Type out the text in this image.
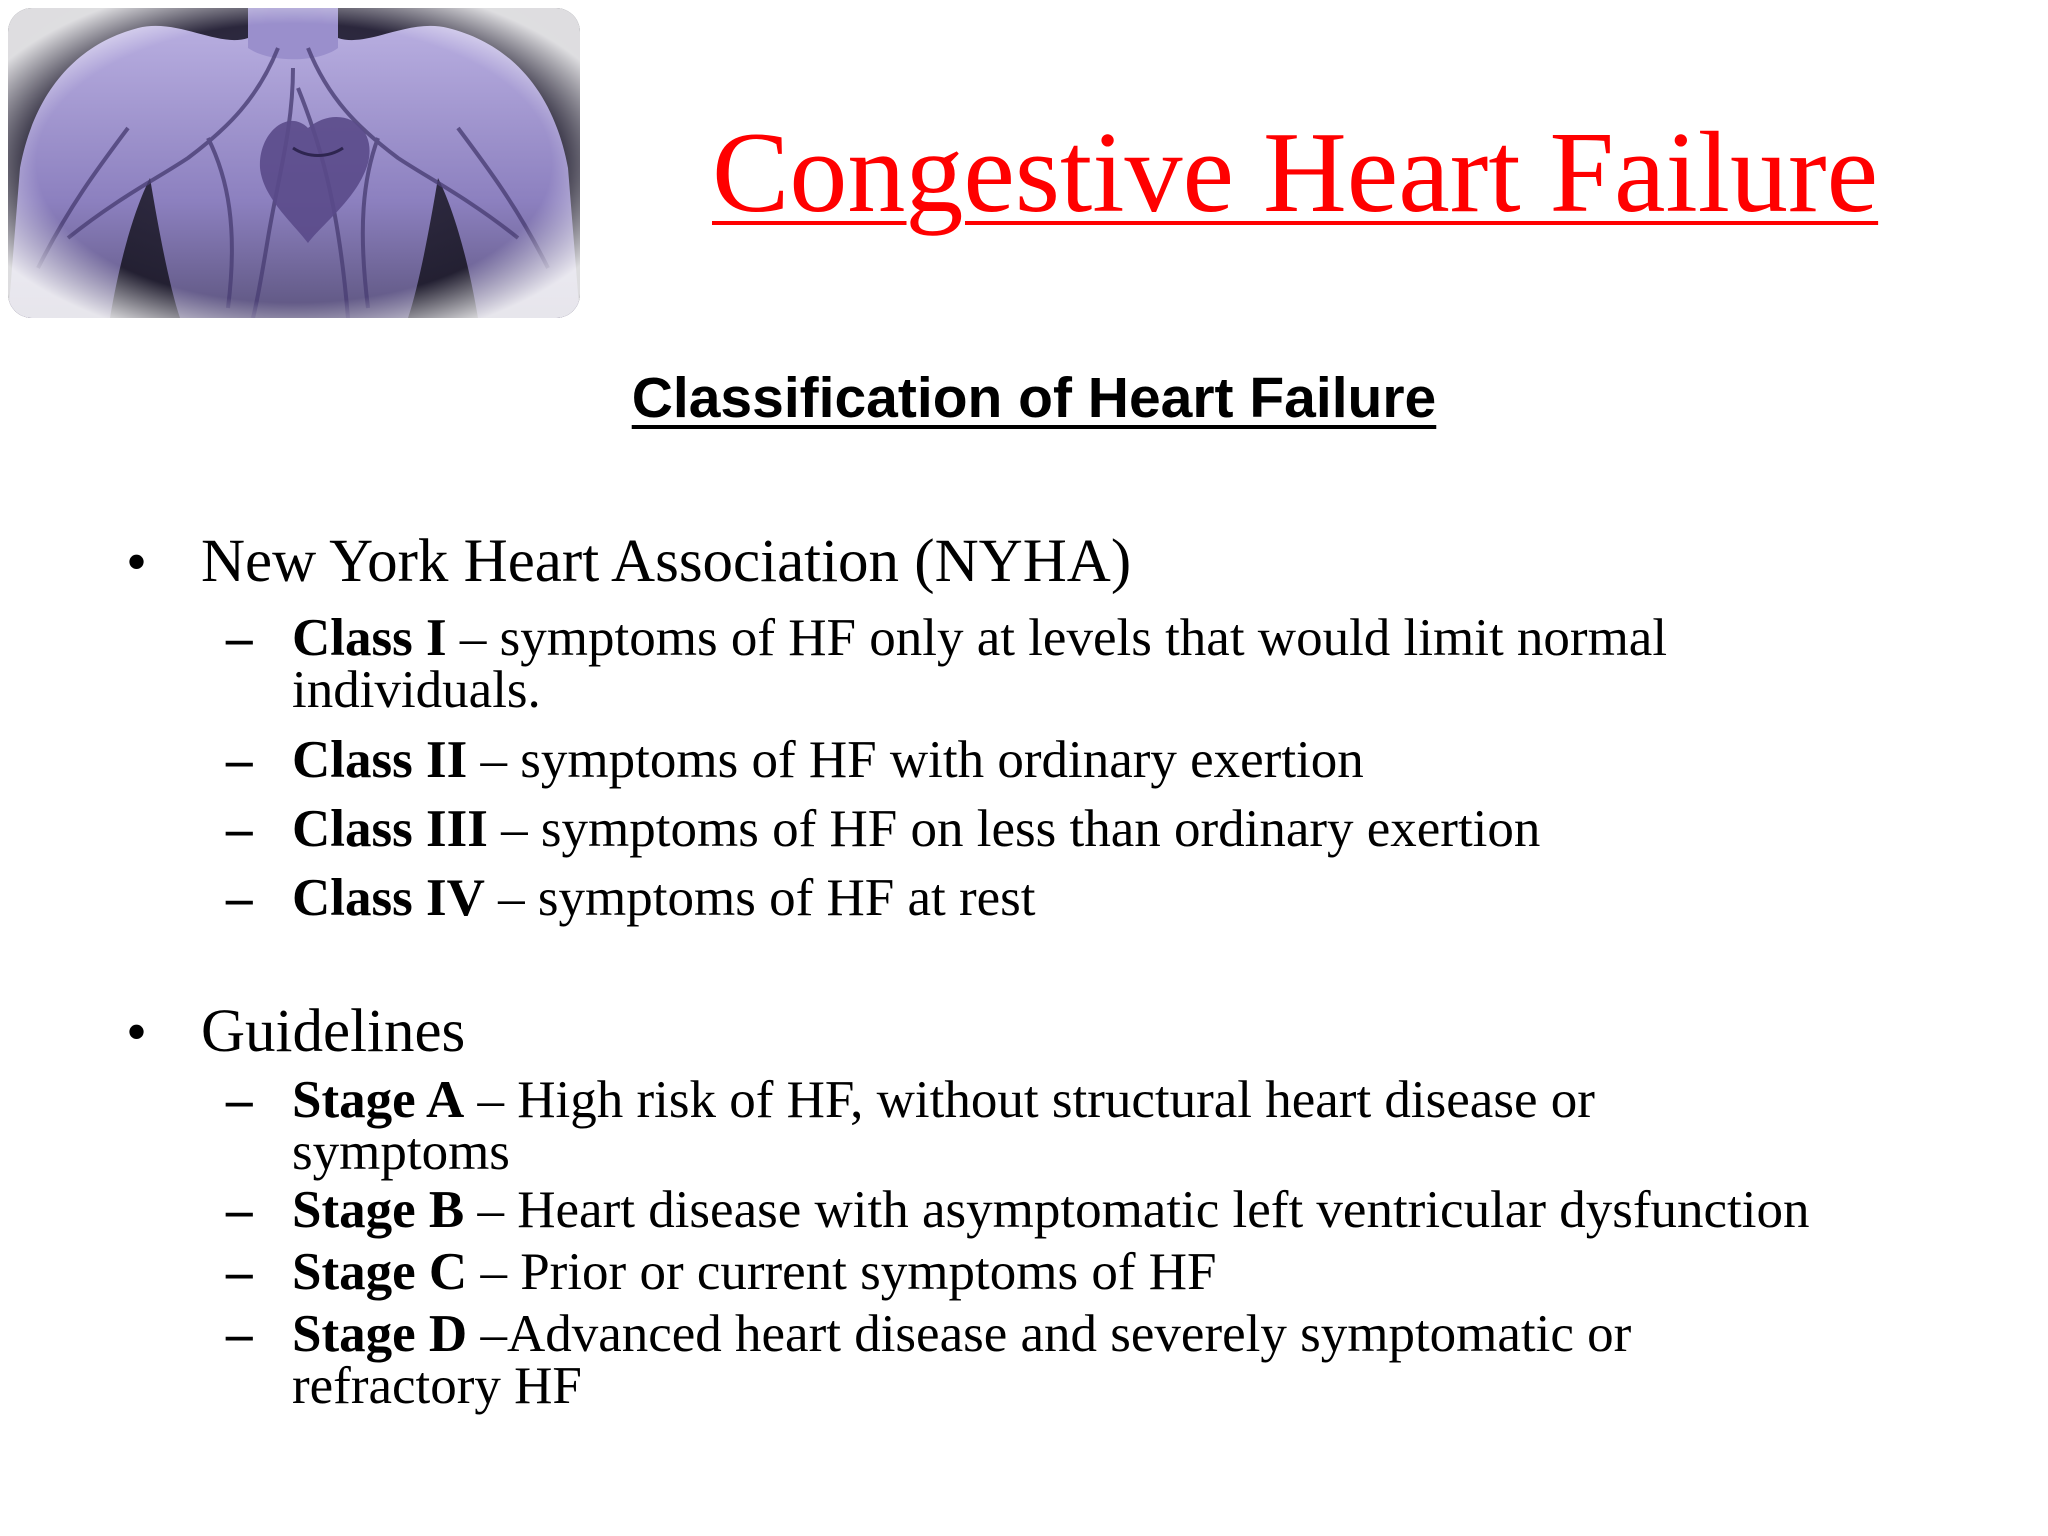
Congestive Heart Failure
Classification of Heart Failure
• New York Heart Association (NYHA)
– Class I – symptoms of HF only at levels that would limit normal
individuals.
– Class II – symptoms of HF with ordinary exertion
– Class III – symptoms of HF on less than ordinary exertion
– Class IV – symptoms of HF at rest
• Guidelines
– Stage A – High risk of HF, without structural heart disease or
symptoms
– Stage B – Heart disease with asymptomatic left ventricular dysfunction
– Stage C – Prior or current symptoms of HF
– Stage D –Advanced heart disease and severely symptomatic or
refractory HF
